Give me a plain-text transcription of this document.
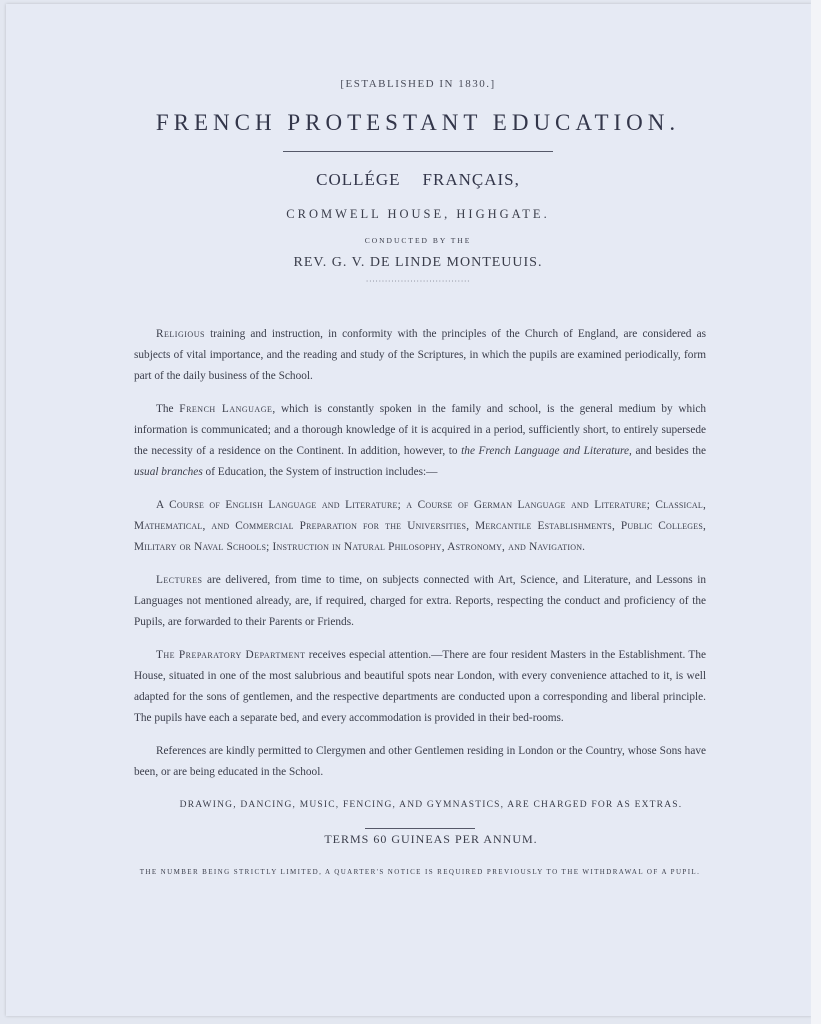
[ESTABLISHED IN 1830.]

FRENCH PROTESTANT EDUCATION.

COLLÉGE FRANÇAIS,

CROMWELL HOUSE, HIGHGATE.

CONDUCTED BY THE

REV. G. V. DE LINDE MONTEUUIS.

·································

Religious training and instruction, in conformity with the principles of the Church of England, are considered as subjects of vital importance, and the reading and study of the Scriptures, in which the pupils are examined periodically, form part of the daily business of the School.

The French Language, which is constantly spoken in the family and school, is the general medium by which information is communicated; and a thorough knowledge of it is acquired in a period, sufficiently short, to entirely supersede the necessity of a residence on the Continent. In addition, however, to the French Language and Literature, and besides the usual branches of Education, the System of instruction includes:—

A Course of English Language and Literature; a Course of German Language and Literature; Classical, Mathematical, and Commercial Preparation for the Universities, Mercantile Establishments, Public Colleges, Military or Naval Schools; Instruction in Natural Philosophy, Astronomy, and Navigation.

Lectures are delivered, from time to time, on subjects connected with Art, Science, and Literature, and Lessons in Languages not mentioned already, are, if required, charged for extra. Reports, respecting the conduct and proficiency of the Pupils, are forwarded to their Parents or Friends.

The Preparatory Department receives especial attention.—There are four resident Masters in the Establishment. The House, situated in one of the most salubrious and beautiful spots near London, with every convenience attached to it, is well adapted for the sons of gentlemen, and the respective departments are conducted upon a corresponding and liberal principle. The pupils have each a separate bed, and every accommodation is provided in their bed-rooms.

References are kindly permitted to Clergymen and other Gentlemen residing in London or the Country, whose Sons have been, or are being educated in the School.

DRAWING, DANCING, MUSIC, FENCING, AND GYMNASTICS, ARE CHARGED FOR AS EXTRAS.

TERMS 60 GUINEAS PER ANNUM.

THE NUMBER BEING STRICTLY LIMITED, A QUARTER'S NOTICE IS REQUIRED PREVIOUSLY TO THE WITHDRAWAL OF A PUPIL.
